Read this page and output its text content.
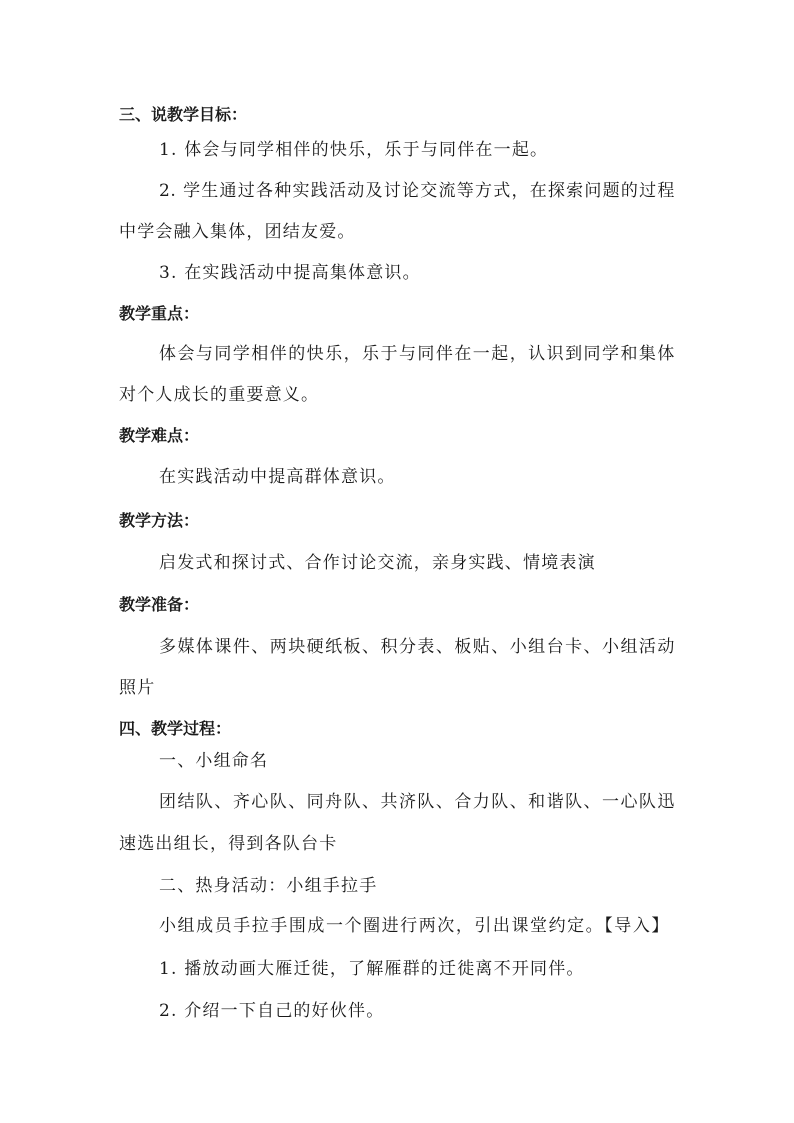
三、说教学目标：
1. 体会与同学相伴的快乐，乐于与同伴在一起。
2. 学生通过各种实践活动及讨论交流等方式，在探索问题的过程
中学会融入集体，团结友爱。
3. 在实践活动中提高集体意识。
教学重点：
体会与同学相伴的快乐，乐于与同伴在一起，认识到同学和集体
对个人成长的重要意义。
教学难点：
在实践活动中提高群体意识。
教学方法：
启发式和探讨式、合作讨论交流，亲身实践、情境表演
教学准备：
多媒体课件、两块硬纸板、积分表、板贴、小组台卡、小组活动
照片
四、教学过程：
一、小组命名
团结队、齐心队、同舟队、共济队、合力队、和谐队、一心队迅
速选出组长，得到各队台卡
二、热身活动：小组手拉手
小组成员手拉手围成一个圈进行两次，引出课堂约定。【导入】
1. 播放动画大雁迁徙，了解雁群的迁徙离不开同伴。
2. 介绍一下自己的好伙伴。
